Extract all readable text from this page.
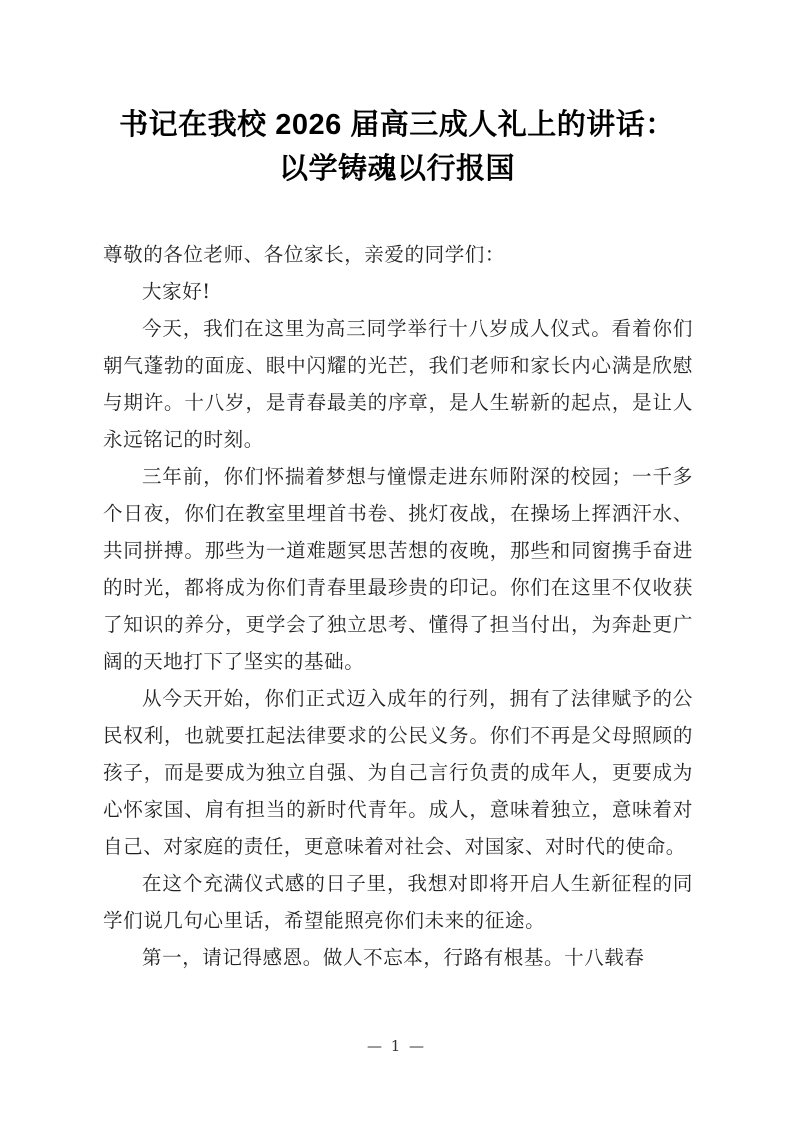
书记在我校 2026 届高三成人礼上的讲话：
以学铸魂以行报国

尊敬的各位老师、各位家长，亲爱的同学们：

大家好!

今天，我们在这里为高三同学举行十八岁成人仪式。看着你们朝气蓬勃的面庞、眼中闪耀的光芒，我们老师和家长内心满是欣慰与期许。十八岁，是青春最美的序章，是人生崭新的起点，是让人永远铭记的时刻。

三年前，你们怀揣着梦想与憧憬走进东师附深的校园；一千多个日夜，你们在教室里埋首书卷、挑灯夜战，在操场上挥洒汗水、共同拼搏。那些为一道难题冥思苦想的夜晚，那些和同窗携手奋进的时光，都将成为你们青春里最珍贵的印记。你们在这里不仅收获了知识的养分，更学会了独立思考、懂得了担当付出，为奔赴更广阔的天地打下了坚实的基础。

从今天开始，你们正式迈入成年的行列，拥有了法律赋予的公民权利，也就要扛起法律要求的公民义务。你们不再是父母照顾的孩子，而是要成为独立自强、为自己言行负责的成年人，更要成为心怀家国、肩有担当的新时代青年。成人，意味着独立，意味着对自己、对家庭的责任，更意味着对社会、对国家、对时代的使命。

在这个充满仪式感的日子里，我想对即将开启人生新征程的同学们说几句心里话，希望能照亮你们未来的征途。

第一，请记得感恩。做人不忘本，行路有根基。十八载春

— 1 —
